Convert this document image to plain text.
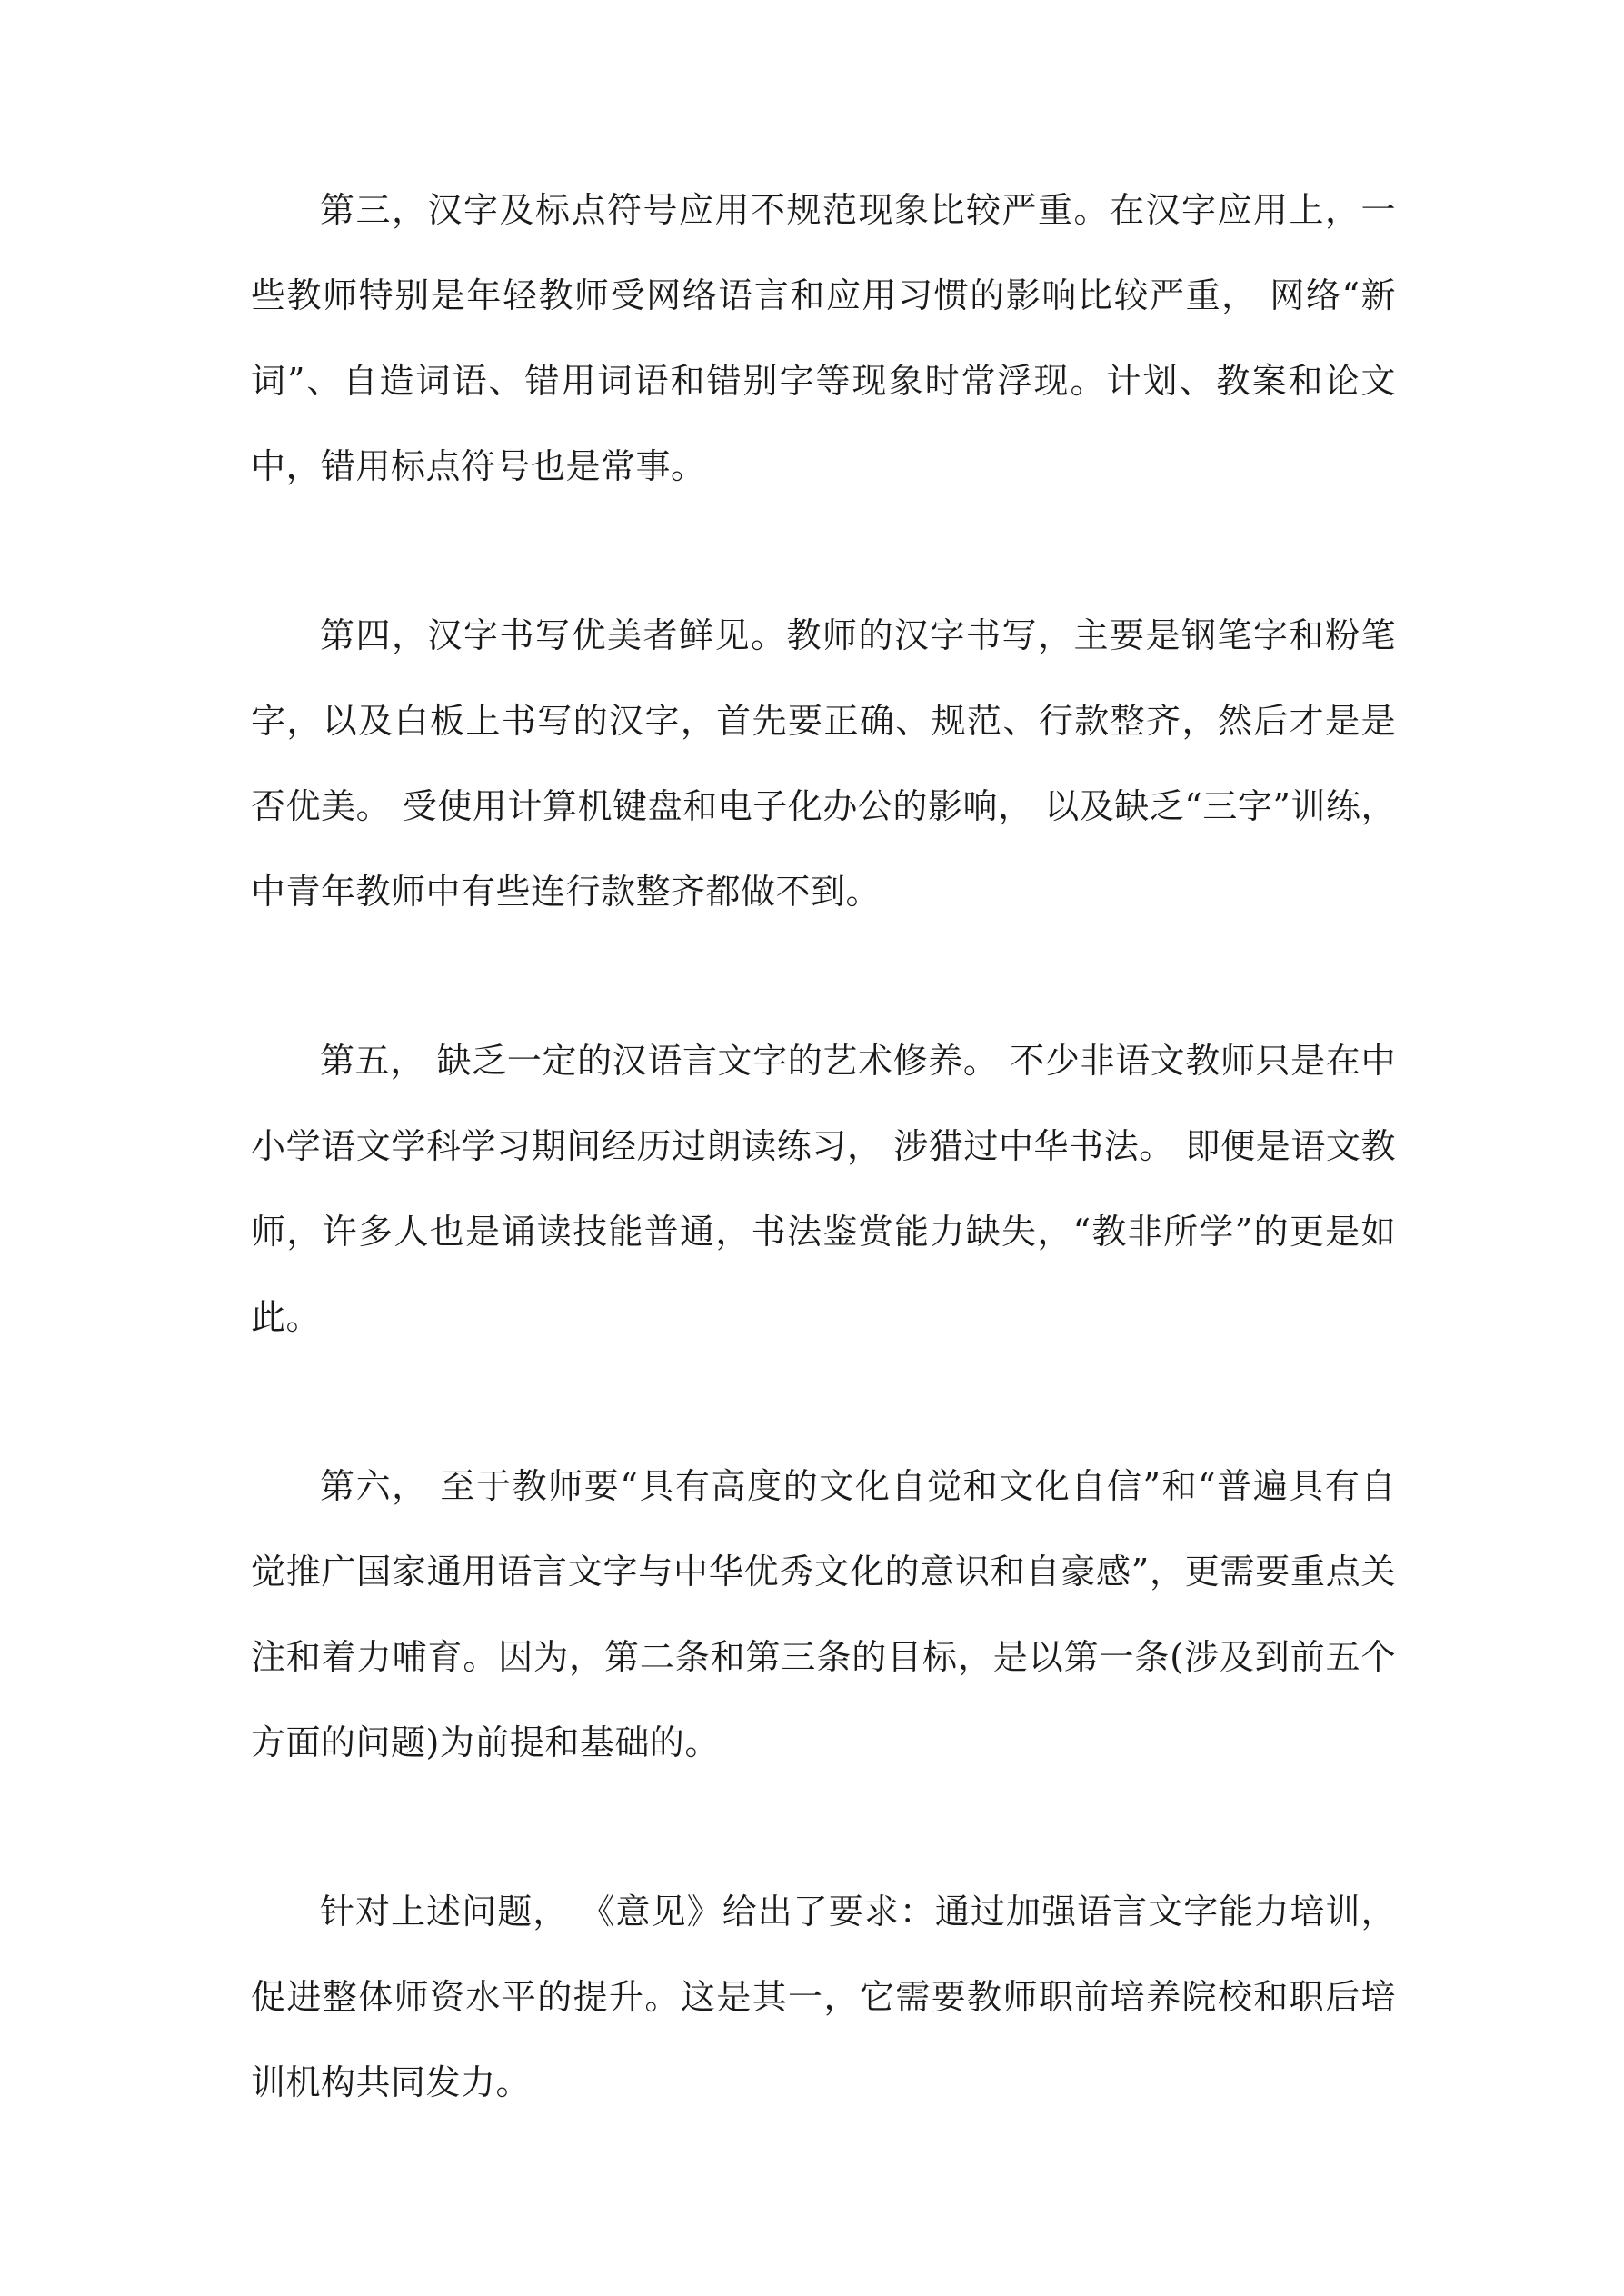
第三，汉字及标点符号应用不规范现象比较严重。在汉字应用上，一些教师特别是年轻教师受网络语言和应用习惯的影响比较严重， 网络“新词”、自造词语、错用词语和错别字等现象时常浮现。计划、教案和论文中，错用标点符号也是常事。

第四，汉字书写优美者鲜见。教师的汉字书写，主要是钢笔字和粉笔字，以及白板上书写的汉字，首先要正确、规范、行款整齐，然后才是是否优美。 受使用计算机键盘和电子化办公的影响， 以及缺乏“三字”训练，中青年教师中有些连行款整齐都做不到。

第五， 缺乏一定的汉语言文字的艺术修养。 不少非语文教师只是在中小学语文学科学习期间经历过朗读练习， 涉猎过中华书法。 即便是语文教师，许多人也是诵读技能普通，书法鉴赏能力缺失，“教非所学”的更是如此。

第六， 至于教师要“具有高度的文化自觉和文化自信”和“普遍具有自觉推广国家通用语言文字与中华优秀文化的意识和自豪感”，更需要重点关注和着力哺育。因为，第二条和第三条的目标，是以第一条(涉及到前五个方面的问题)为前提和基础的。

针对上述问题， 《意见》给出了要求：通过加强语言文字能力培训，促进整体师资水平的提升。这是其一，它需要教师职前培养院校和职后培训机构共同发力。
